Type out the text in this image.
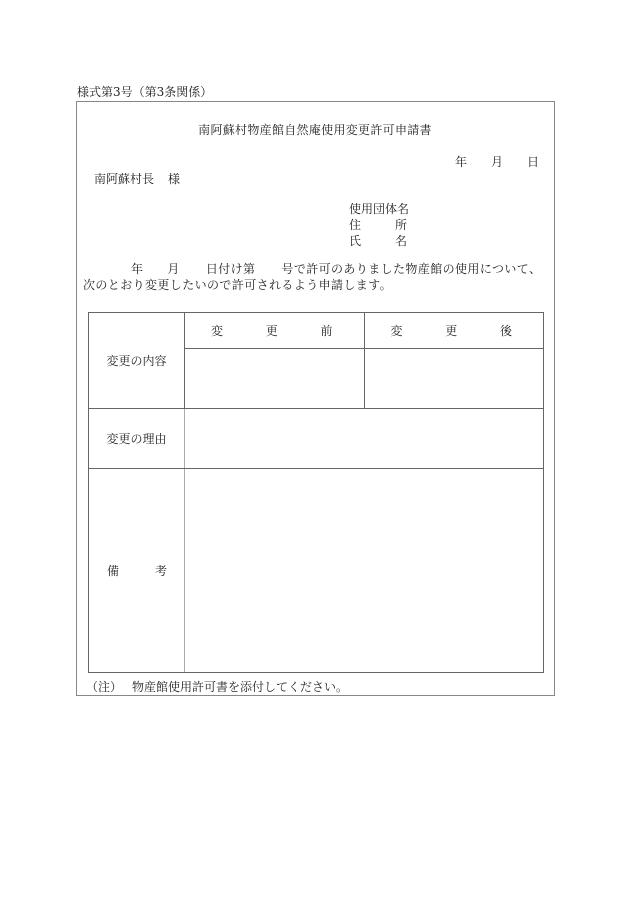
様式第3号（第3条関係）
南阿蘇村物産館自然庵使用変更許可申請書
年 月 日
南阿蘇村長 様
使用団体名
住	所
氏	名
年 月 日付け第 号で許可のありました物産館の使用について、次のとおり変更したいので許可されるよう申請します。
変更の内容	変 更 前	変 更 後

変更の理由		

備 考		

（注） 物産館使用許可書を添付してください。
